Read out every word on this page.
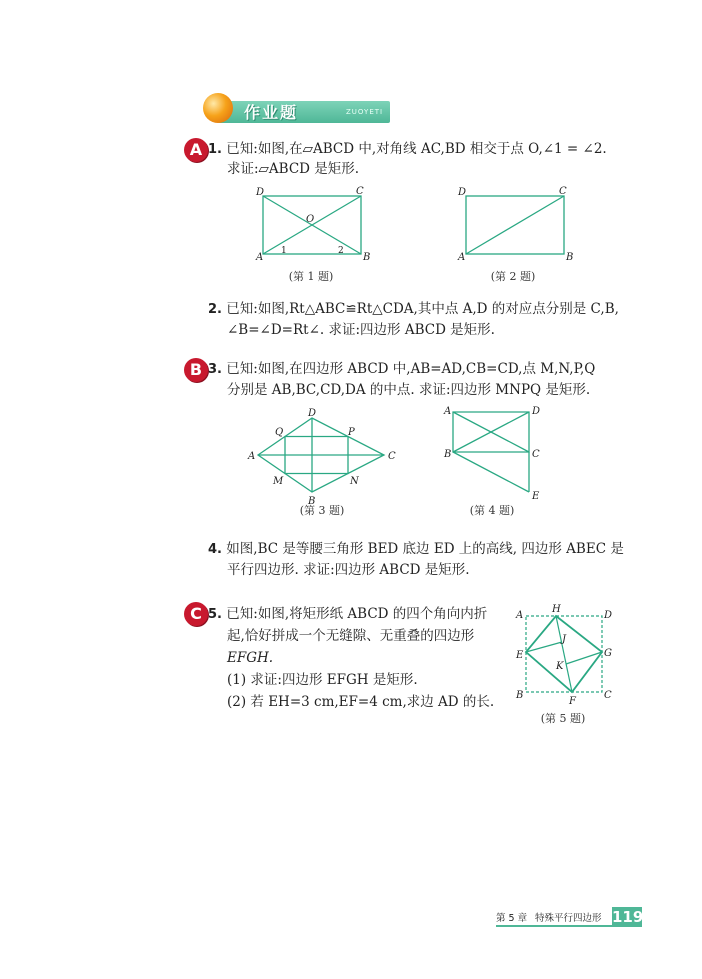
作业题	ZUOYETI
A 1. 已知:如图,在▱ABCD 中,对角线 AC,BD 相交于点 O,∠1 = ∠2.
求证:▱ABCD 是矩形.
A	B
C
D
O
1	2
(第 1 题)
A	B
C
D
(第 2 题)
2. 已知:如图,Rt△ABC≌Rt△CDA,其中点 A,D 的对应点分别是 C,B,
∠B=∠D=Rt∠. 求证:四边形 ABCD 是矩形.
B 3. 已知:如图,在四边形 ABCD 中,AB=AD,CB=CD,点 M,N,P,Q
分别是 AB,BC,CD,DA 的中点. 求证:四边形 MNPQ 是矩形.
A
B
C
D
M	N
P
Q
(第 3 题)
A
B	C
D
E
(第 4 题)
4. 如图,BC 是等腰三角形 BED 底边 ED 上的高线, 四边形 ABEC 是
平行四边形. 求证:四边形 ABCD 是矩形.
C 5. 已知:如图,将矩形纸 ABCD 的四个角向内折
起,恰好拼成一个无缝隙、无重叠的四边形
EFGH.
(1) 求证:四边形 EFGH 是矩形.
(2) 若 EH=3 cm,EF=4 cm,求边 AD 的长.
A
B	C
D
E
F
G
H
J
K
(第 5 题)
第 5 章 特殊平行四边形 119
